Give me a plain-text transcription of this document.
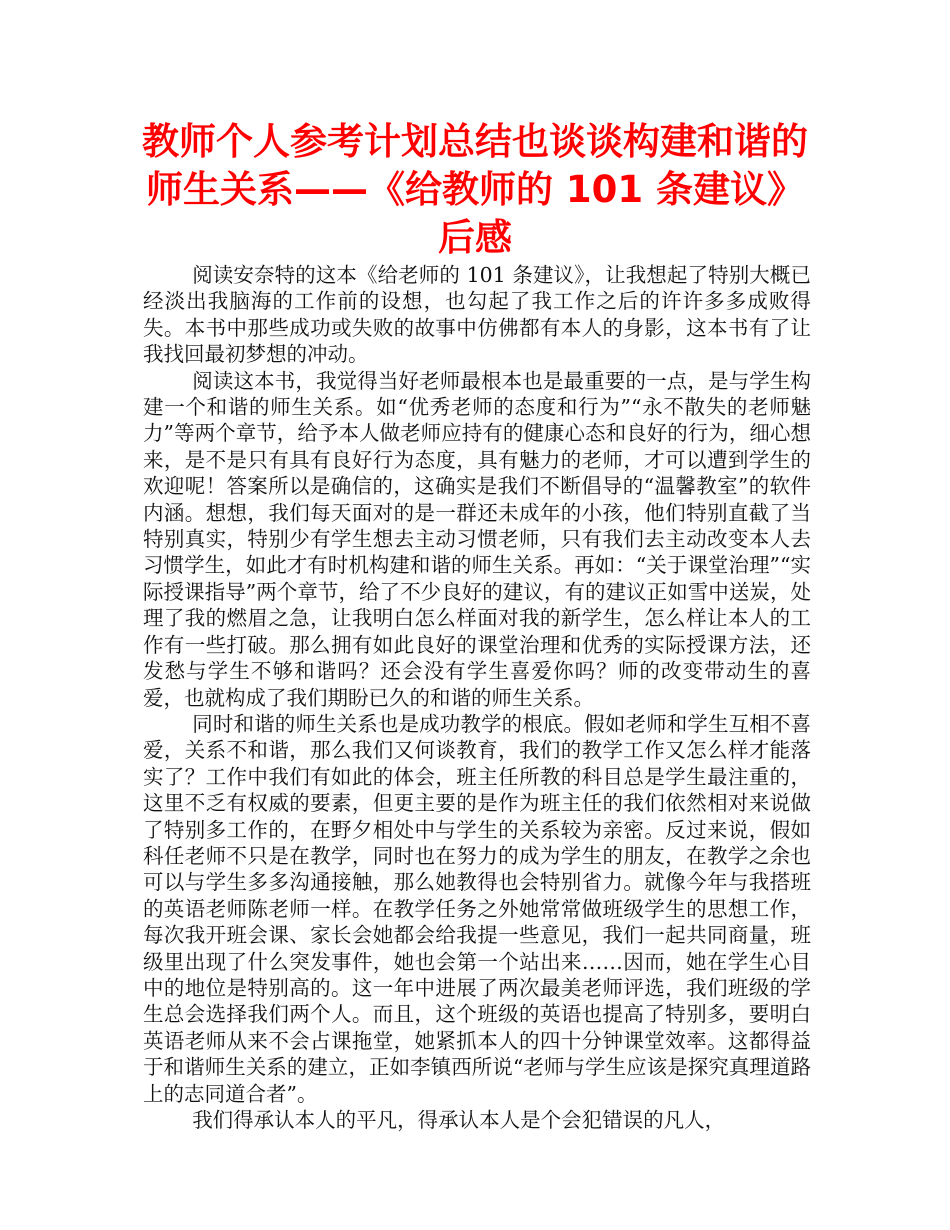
教师个人参考计划总结也谈谈构建和谐的师生关系——《给教师的 101 条建议》后感

阅读安奈特的这本《给老师的 101 条建议》，让我想起了特别大概已经淡出我脑海的工作前的设想，也勾起了我工作之后的许许多多成败得失。本书中那些成功或失败的故事中仿佛都有本人的身影，这本书有了让我找回最初梦想的冲动。

阅读这本书，我觉得当好老师最根本也是最重要的一点，是与学生构建一个和谐的师生关系。如“优秀老师的态度和行为”“永不散失的老师魅力”等两个章节，给予本人做老师应持有的健康心态和良好的行为，细心想来，是不是只有具有良好行为态度，具有魅力的老师，才可以遭到学生的欢迎呢！答案所以是确信的，这确实是我们不断倡导的“温馨教室”的软件内涵。想想，我们每天面对的是一群还未成年的小孩，他们特别直截了当特别真实，特别少有学生想去主动习惯老师，只有我们去主动改变本人去习惯学生，如此才有时机构建和谐的师生关系。再如：“关于课堂治理”“实际授课指导”两个章节，给了不少良好的建议，有的建议正如雪中送炭，处理了我的燃眉之急，让我明白怎么样面对我的新学生，怎么样让本人的工作有一些打破。那么拥有如此良好的课堂治理和优秀的实际授课方法，还发愁与学生不够和谐吗？还会没有学生喜爱你吗？师的改变带动生的喜爱，也就构成了我们期盼已久的和谐的师生关系。

同时和谐的师生关系也是成功教学的根底。假如老师和学生互相不喜爱，关系不和谐，那么我们又何谈教育，我们的教学工作又怎么样才能落实了？工作中我们有如此的体会，班主任所教的科目总是学生最注重的，这里不乏有权威的要素，但更主要的是作为班主任的我们依然相对来说做了特别多工作的，在野夕相处中与学生的关系较为亲密。反过来说，假如科任老师不只是在教学，同时也在努力的成为学生的朋友，在教学之余也可以与学生多多沟通接触，那么她教得也会特别省力。就像今年与我搭班的英语老师陈老师一样。在教学任务之外她常常做班级学生的思想工作，每次我开班会课、家长会她都会给我提一些意见，我们一起共同商量，班级里出现了什么突发事件，她也会第一个站出来……因而，她在学生心目中的地位是特别高的。这一年中进展了两次最美老师评选，我们班级的学生总会选择我们两个人。而且，这个班级的英语也提高了特别多，要明白英语老师从来不会占课拖堂，她紧抓本人的四十分钟课堂效率。这都得益于和谐师生关系的建立，正如李镇西所说“老师与学生应该是探究真理道路上的志同道合者”。

我们得承认本人的平凡，得承认本人是个会犯错误的凡人，
